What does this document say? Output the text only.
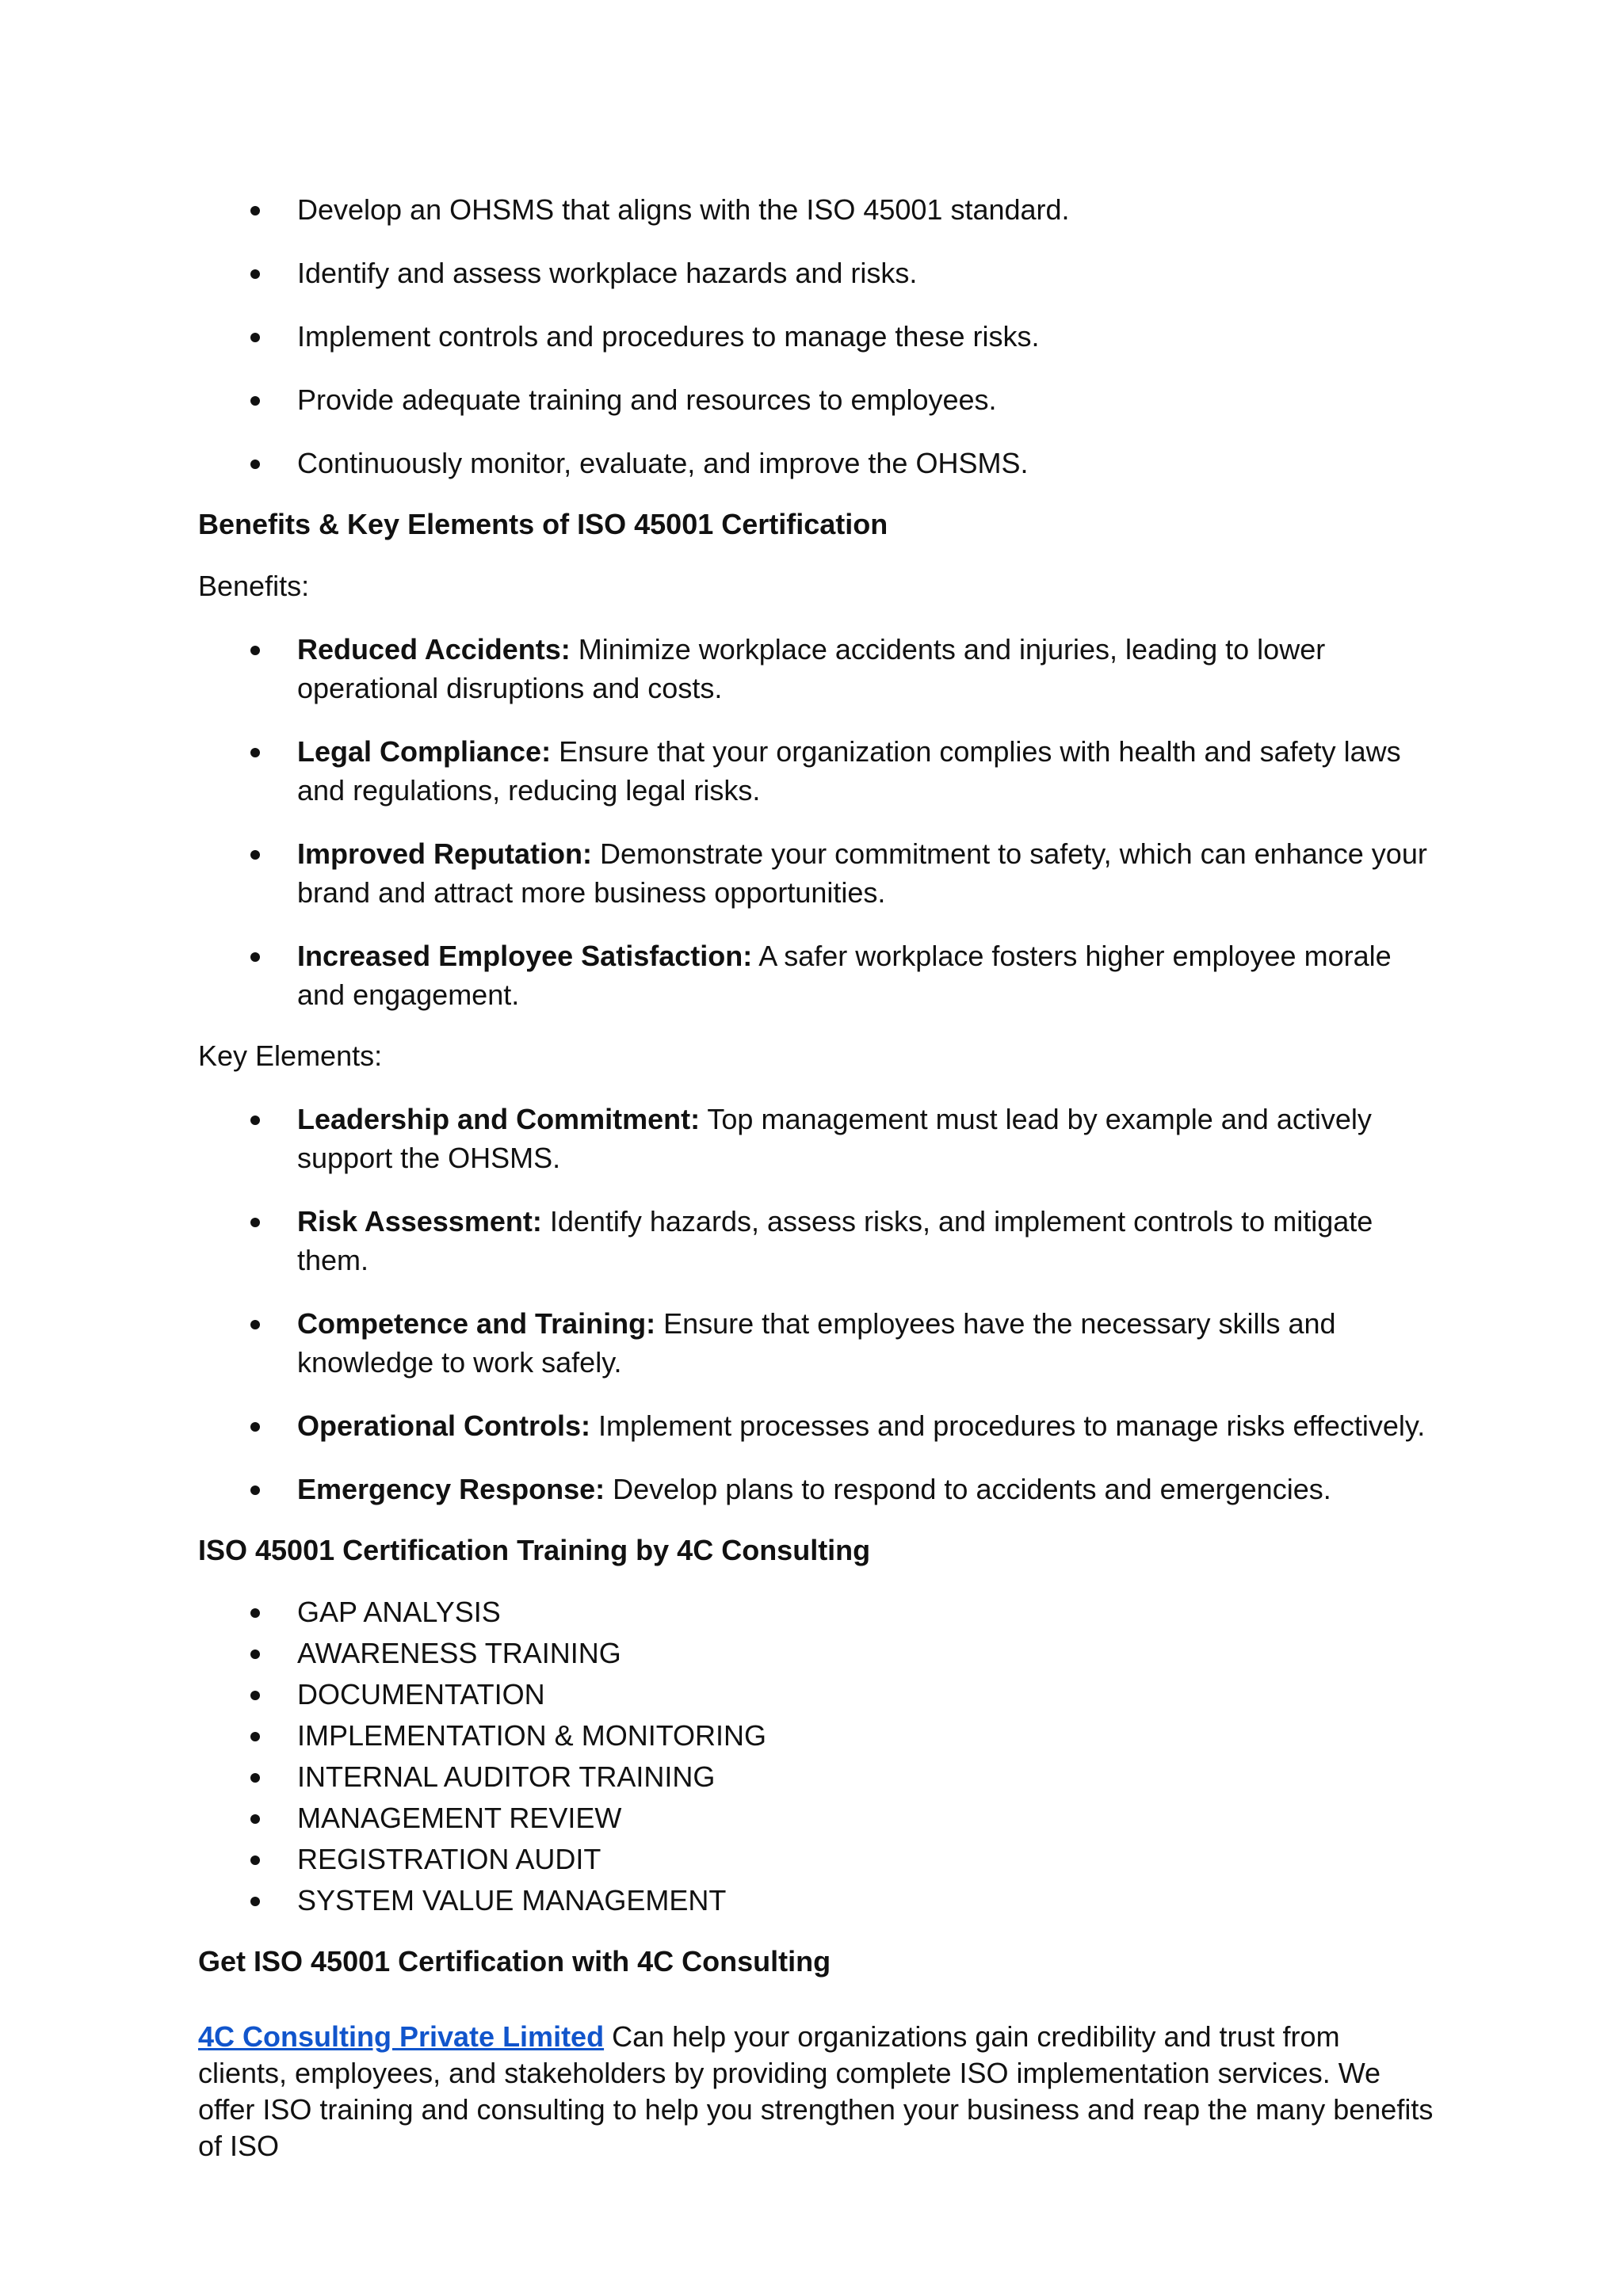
Develop an OHSMS that aligns with the ISO 45001 standard.
Identify and assess workplace hazards and risks.
Implement controls and procedures to manage these risks.
Provide adequate training and resources to employees.
Continuously monitor, evaluate, and improve the OHSMS.
Benefits & Key Elements of ISO 45001 Certification
Benefits:
Reduced Accidents: Minimize workplace accidents and injuries, leading to lower operational disruptions and costs.
Legal Compliance: Ensure that your organization complies with health and safety laws and regulations, reducing legal risks.
Improved Reputation: Demonstrate your commitment to safety, which can enhance your brand and attract more business opportunities.
Increased Employee Satisfaction: A safer workplace fosters higher employee morale and engagement.
Key Elements:
Leadership and Commitment: Top management must lead by example and actively support the OHSMS.
Risk Assessment: Identify hazards, assess risks, and implement controls to mitigate them.
Competence and Training: Ensure that employees have the necessary skills and knowledge to work safely.
Operational Controls: Implement processes and procedures to manage risks effectively.
Emergency Response: Develop plans to respond to accidents and emergencies.
ISO 45001 Certification Training by 4C Consulting
GAP ANALYSIS
AWARENESS TRAINING
DOCUMENTATION
IMPLEMENTATION & MONITORING
INTERNAL AUDITOR TRAINING
MANAGEMENT REVIEW
REGISTRATION AUDIT
SYSTEM VALUE MANAGEMENT
Get ISO 45001 Certification with 4C Consulting

4C Consulting Private Limited Can help your organizations gain credibility and trust from clients, employees, and stakeholders by providing complete ISO implementation services. We offer ISO training and consulting to help you strengthen your business and reap the many benefits of ISO
